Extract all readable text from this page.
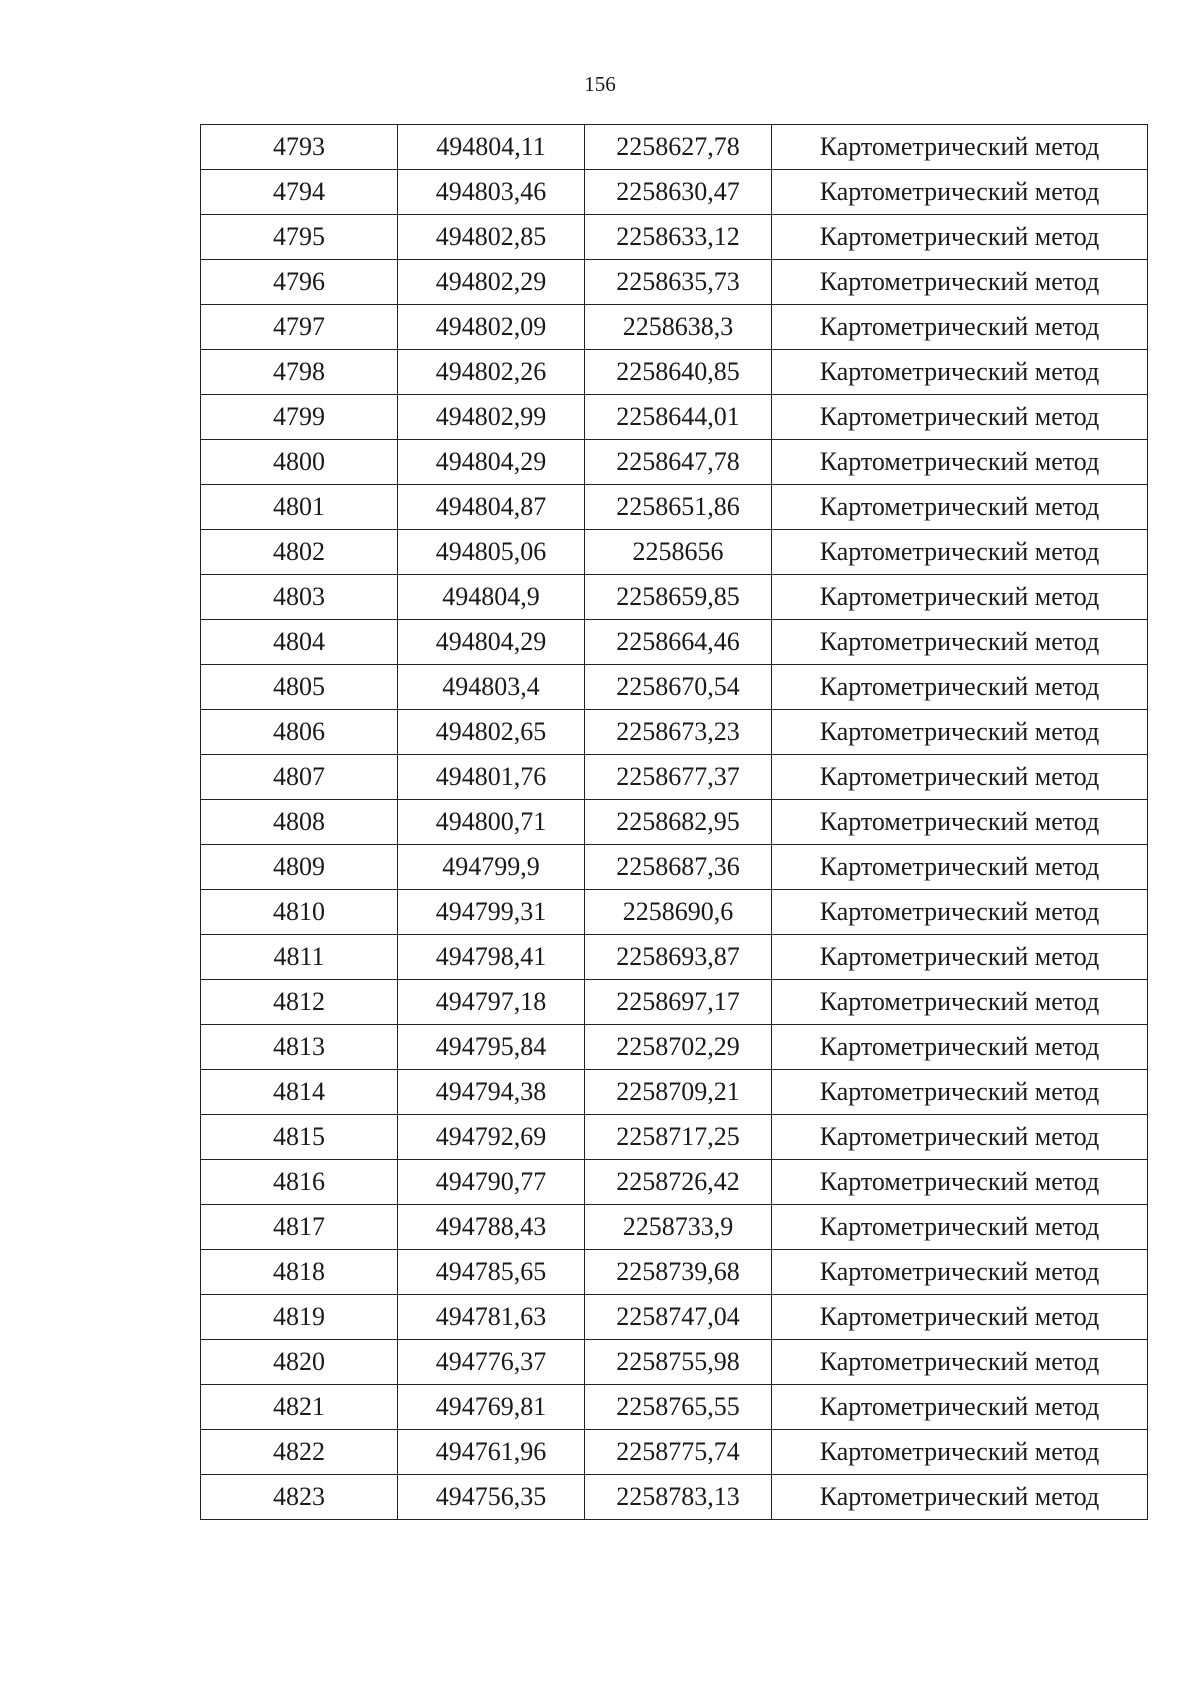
156
4793	494804,11	2258627,78	Картометрический метод
4794	494803,46	2258630,47	Картометрический метод
4795	494802,85	2258633,12	Картометрический метод
4796	494802,29	2258635,73	Картометрический метод
4797	494802,09	2258638,3	Картометрический метод
4798	494802,26	2258640,85	Картометрический метод
4799	494802,99	2258644,01	Картометрический метод
4800	494804,29	2258647,78	Картометрический метод
4801	494804,87	2258651,86	Картометрический метод
4802	494805,06	2258656	Картометрический метод
4803	494804,9	2258659,85	Картометрический метод
4804	494804,29	2258664,46	Картометрический метод
4805	494803,4	2258670,54	Картометрический метод
4806	494802,65	2258673,23	Картометрический метод
4807	494801,76	2258677,37	Картометрический метод
4808	494800,71	2258682,95	Картометрический метод
4809	494799,9	2258687,36	Картометрический метод
4810	494799,31	2258690,6	Картометрический метод
4811	494798,41	2258693,87	Картометрический метод
4812	494797,18	2258697,17	Картометрический метод
4813	494795,84	2258702,29	Картометрический метод
4814	494794,38	2258709,21	Картометрический метод
4815	494792,69	2258717,25	Картометрический метод
4816	494790,77	2258726,42	Картометрический метод
4817	494788,43	2258733,9	Картометрический метод
4818	494785,65	2258739,68	Картометрический метод
4819	494781,63	2258747,04	Картометрический метод
4820	494776,37	2258755,98	Картометрический метод
4821	494769,81	2258765,55	Картометрический метод
4822	494761,96	2258775,74	Картометрический метод
4823	494756,35	2258783,13	Картометрический метод
